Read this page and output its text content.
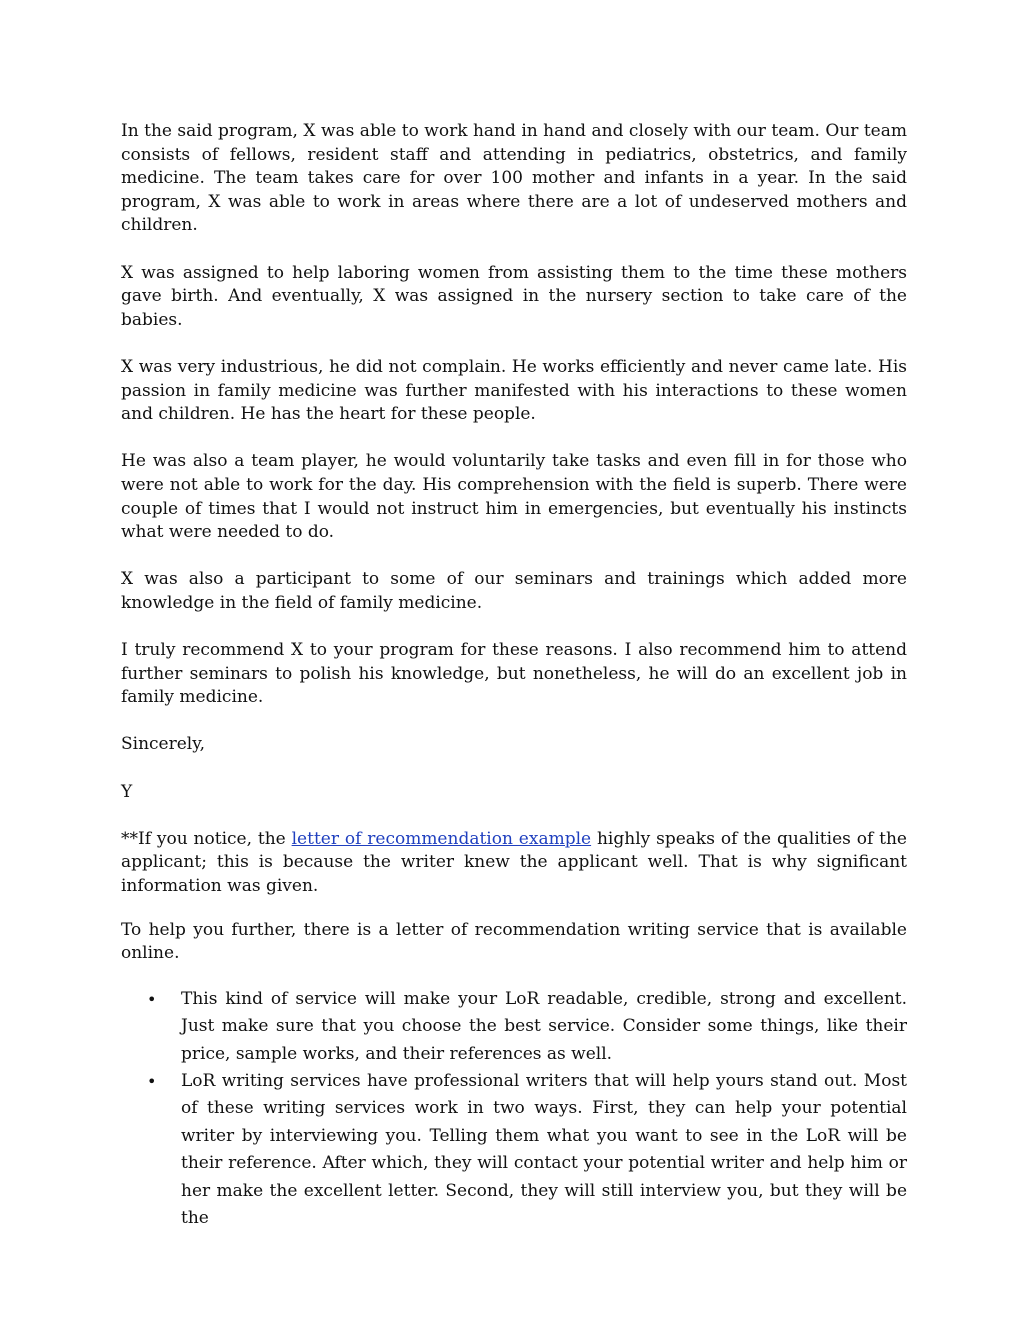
In the said program, X was able to work hand in hand and closely with our team. Our team consists of fellows, resident staff and attending in pediatrics, obstetrics, and family medicine. The team takes care for over 100 mother and infants in a year. In the said program, X was able to work in areas where there are a lot of undeserved mothers and children.

X was assigned to help laboring women from assisting them to the time these mothers gave birth. And eventually, X was assigned in the nursery section to take care of the babies.

X was very industrious, he did not complain. He works efficiently and never came late. His passion in family medicine was further manifested with his interactions to these women and children. He has the heart for these people.

He was also a team player, he would voluntarily take tasks and even fill in for those who were not able to work for the day. His comprehension with the field is superb. There were couple of times that I would not instruct him in emergencies, but eventually his instincts what were needed to do.

X was also a participant to some of our seminars and trainings which added more knowledge in the field of family medicine.

I truly recommend X to your program for these reasons. I also recommend him to attend further seminars to polish his knowledge, but nonetheless, he will do an excellent job in family medicine.

Sincerely,

Y

**If you notice, the letter of recommendation example highly speaks of the qualities of the applicant; this is because the writer knew the applicant well. That is why significant information was given.

To help you further, there is a letter of recommendation writing service that is available online.

• This kind of service will make your LoR readable, credible, strong and excellent. Just make sure that you choose the best service. Consider some things, like their price, sample works, and their references as well.
• LoR writing services have professional writers that will help yours stand out. Most of these writing services work in two ways. First, they can help your potential writer by interviewing you. Telling them what you want to see in the LoR will be their reference. After which, they will contact your potential writer and help him or her make the excellent letter. Second, they will still interview you, but they will be the
